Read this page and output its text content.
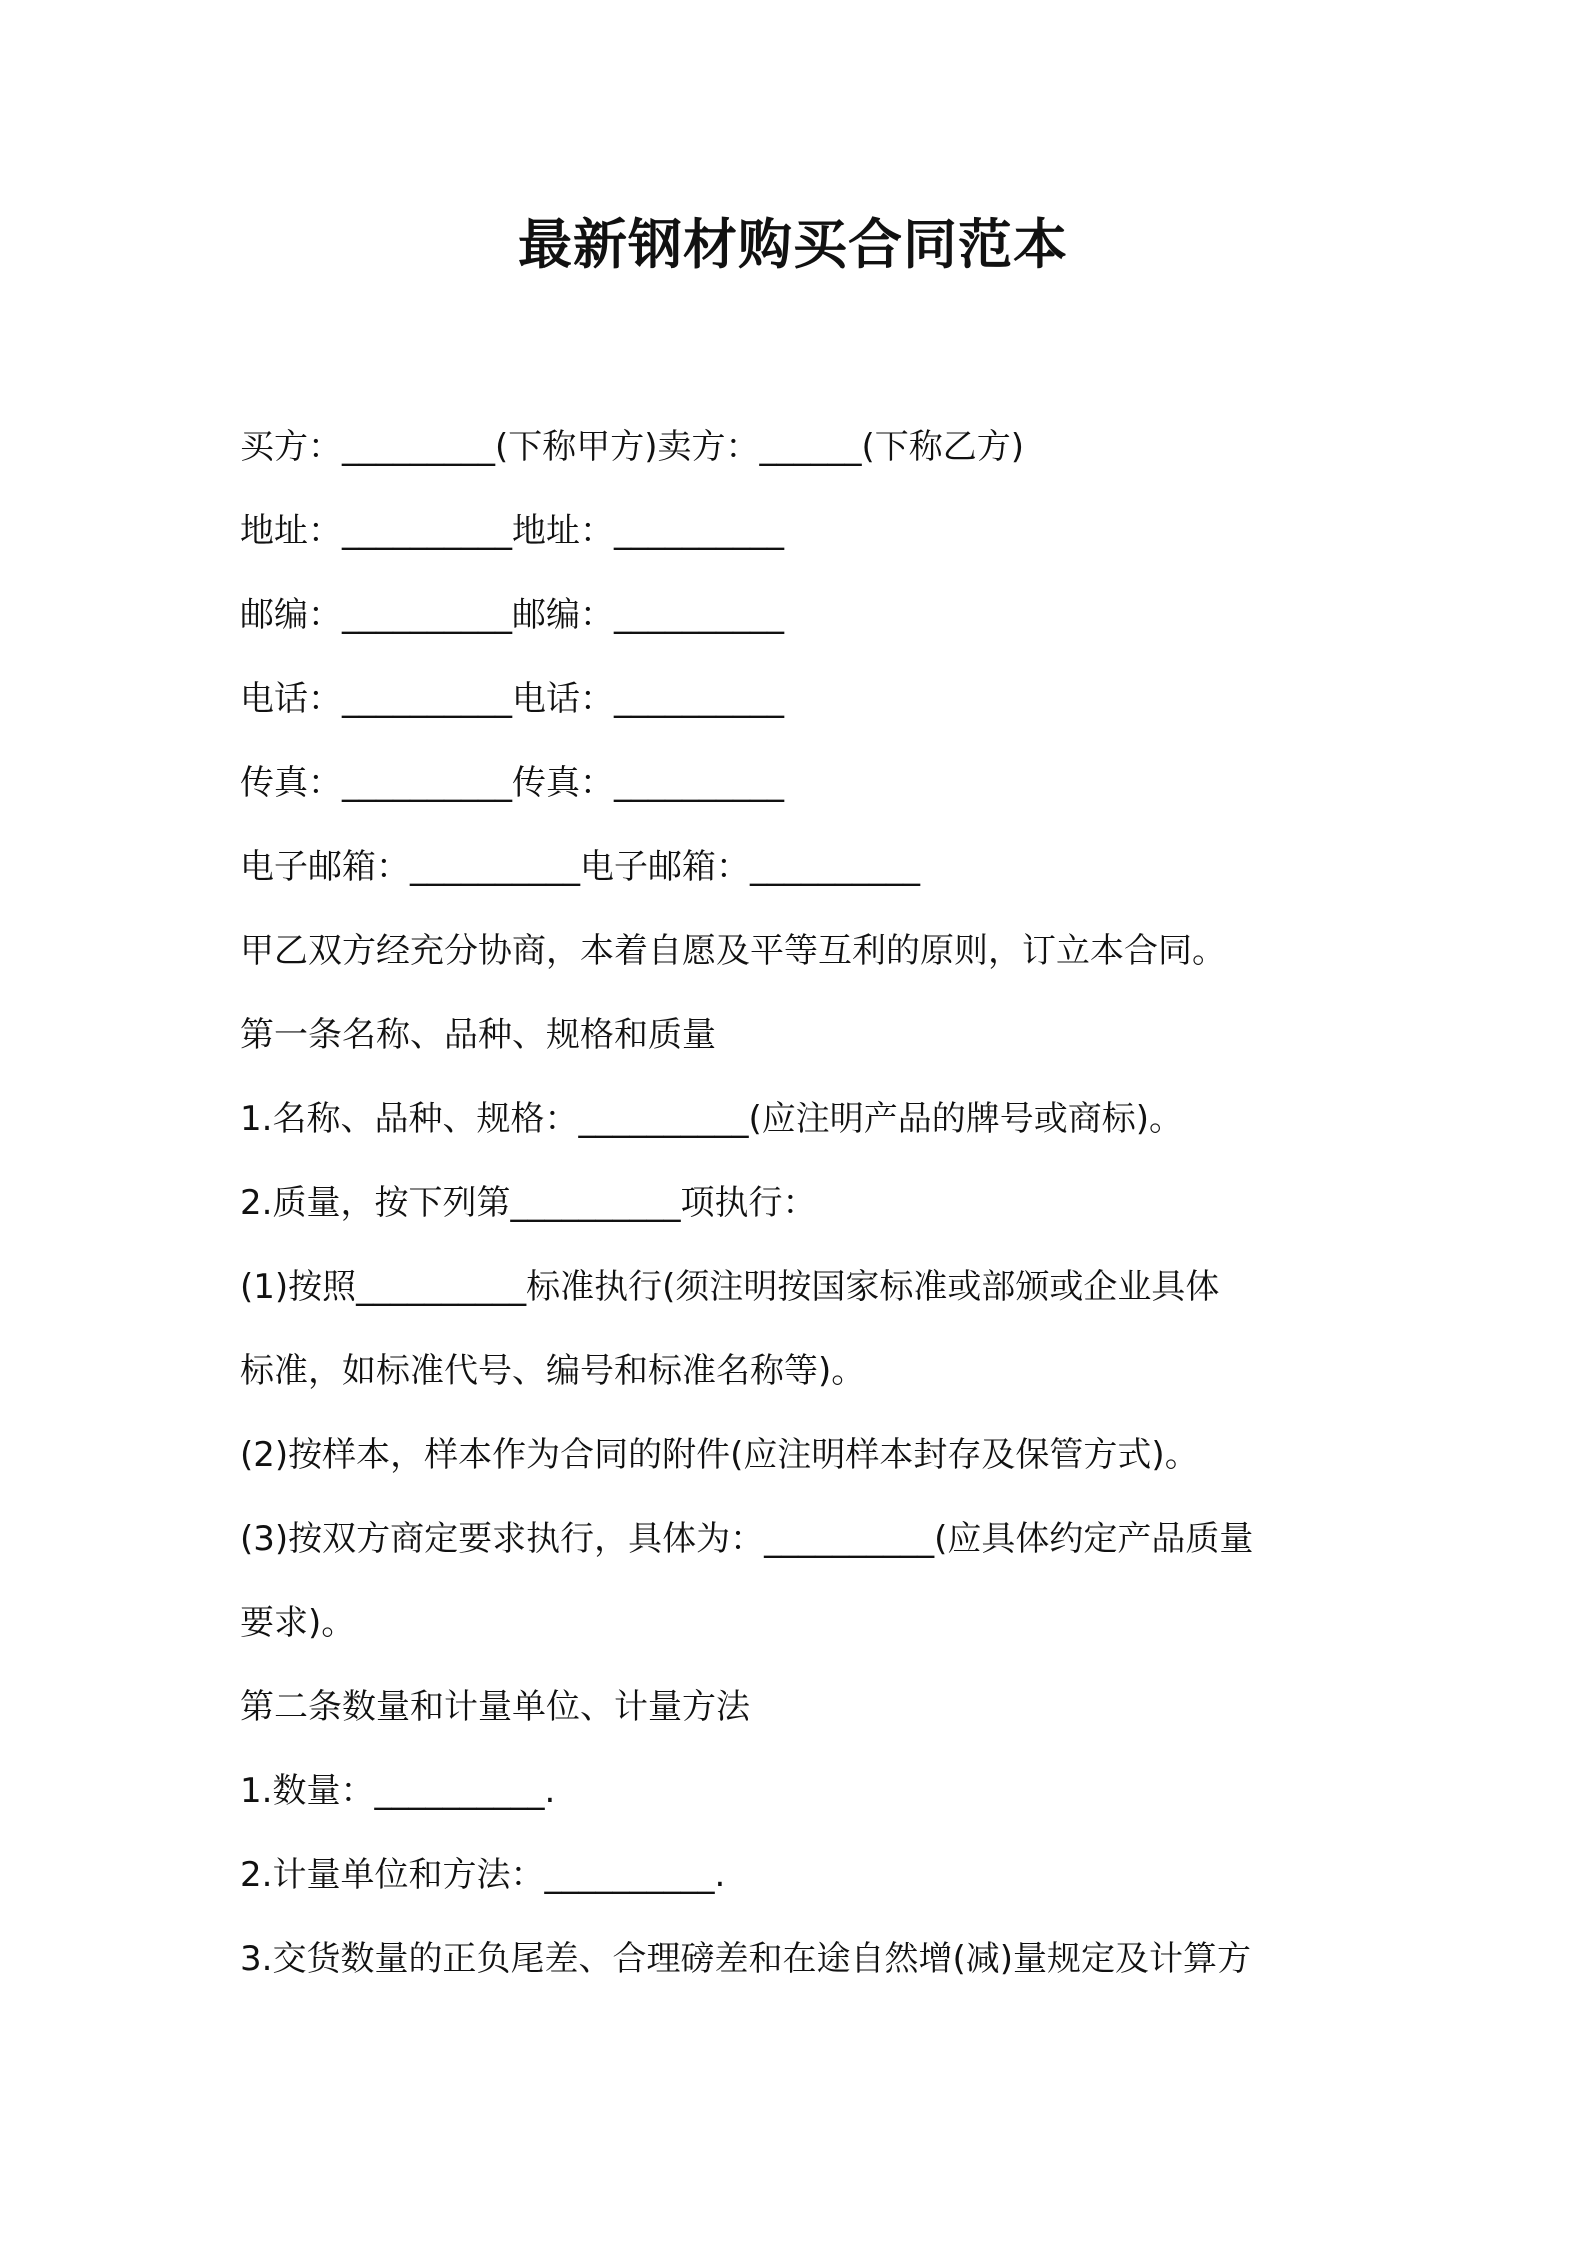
最新钢材购买合同范本

买方：_________(下称甲方)卖方：______(下称乙方)

地址：__________地址：__________

邮编：__________邮编：__________

电话：__________电话：__________

传真：__________传真：__________

电子邮箱：__________电子邮箱：__________

甲乙双方经充分协商，本着自愿及平等互利的原则，订立本合同。

第一条名称、品种、规格和质量

1.名称、品种、规格：__________(应注明产品的牌号或商标)。

2.质量，按下列第__________项执行：

(1)按照__________标准执行(须注明按国家标准或部颁或企业具体

标准，如标准代号、编号和标准名称等)。

(2)按样本，样本作为合同的附件(应注明样本封存及保管方式)。

(3)按双方商定要求执行，具体为：__________(应具体约定产品质量

要求)。

第二条数量和计量单位、计量方法

1.数量：__________.

2.计量单位和方法：__________.

3.交货数量的正负尾差、合理磅差和在途自然增(减)量规定及计算方
